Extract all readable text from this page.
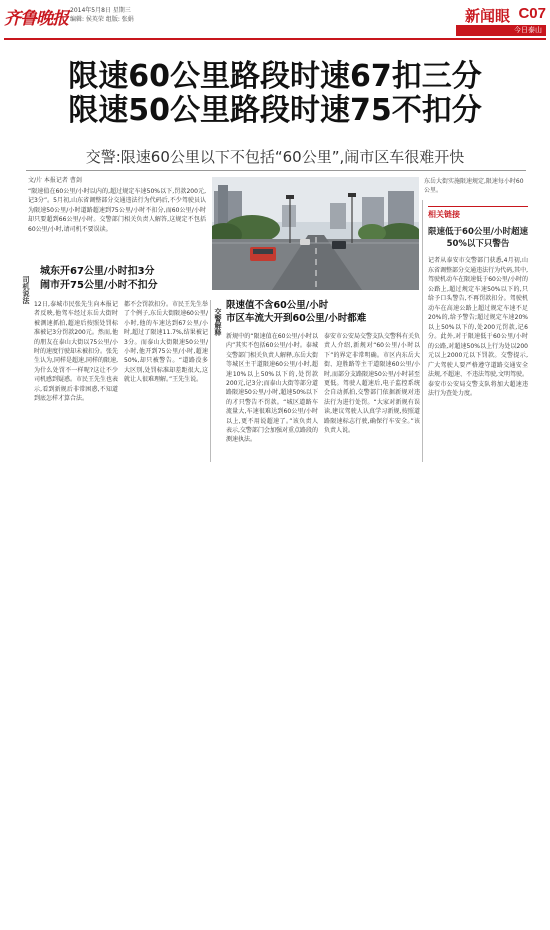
齐鲁晚报 2014年5月8日 星期三
编辑: 侯英荣 组版: 张娟	新闻眼 C07
今日泰山
限速60公里路段时速67扣三分
限速50公里路段时速75不扣分
交警:限速60公里以下不包括“60公里”,闹市区车很难开快
文/片 本报记者 曹剑
“限速值在60公里/小时以内的,超过规定车速50%以下,罚款200元,记3分”。5月初,山东省调整部分交通违法行为代码后,不少驾驶员认为限速50公里/小时道路超速到75公里/小时不扣分,而60公里/小时却只要超到66公里/小时。交警部门相关负责人解答,这规定不包括60公里/小时,请司机不要误读。
东岳大街实施限速规定,限速每小时60公里。
相关链接
限速低于60公里/小时超速50%以下只警告
记者从泰安市交警部门获悉,4月初,山东省调整部分交通违法行为代码,其中,驾驶机动车在限速低于60公里/小时的公路上,超过规定车速50%以下的,只给予口头警告,不再罚款扣分。驾驶机动车在高速公路上超过规定车速不足20%的,给予警告;超过规定车速20%以上50%以下的,处200元罚款,记6分。此外,对于限速低于60公里/小时的公路,对超速50%以上行为处以200元以上2000元以下罚款。交警提示,广大驾驶人要严格遵守道路交通安全法规,不超速、不违法驾驶,文明驾驶。泰安市公安局交警支队将加大超速违法行为查处力度。
司机说法
城东开67公里/小时扣3分
闹市开75公里/小时不扣分
12日,泰城市民张先生向本报记者反映,他驾车经过东岳大街时被测速抓拍,超速后按照处罚标准被记3分罚款200元。然而,他的朋友在泰山大街以75公里/小时的速度行驶却未被扣分。张先生认为,同样是超速,同样的限速,为什么处罚不一样呢?这让不少司机感到疑惑。市民王先生也表示,看到新规后非常困惑,不知道到底怎样才算合法。
都不会罚款扣分。市民王先生举了个例子,东岳大街限速60公里/小时,他的车速达到67公里/小时,超过了限速11.7%,结果被记3分。而泰山大街限速50公里/小时,他开到75公里/小时,超速50%,却只被警告。“道路没多大区别,处罚标准却差距很大,这就让人很难理解。”王先生说。
交警解释
限速值不含60公里/小时
市区车流大开到60公里/小时都难
新规中的“限速值在60公里/小时以内”其实不包括60公里/小时。泰城交警部门相关负责人解释,东岳大街等城区主干道限速60公里/小时,超速10%以上50%以下的,处罚款200元,记3分;而泰山大街等部分道路限速50公里/小时,超速50%以下的才只警告不罚款。“城区道路车流量大,车速很难达到60公里/小时以上,更不用说超速了。”该负责人表示,交警部门会加强对重点路段的测速执法。
泰安市公安局交警支队交警科有关负责人介绍,新规对“60公里/小时以下”的界定非常明确。市区内东岳大街、迎胜路等主干道限速60公里/小时,而部分支路限速50公里/小时甚至更低。驾驶人超速后,电子监控系统会自动抓拍,交警部门依据新规对违法行为进行处罚。“大家对新规有误读,建议驾驶人认真学习新规,按照道路限速标志行驶,确保行车安全。”该负责人说。
